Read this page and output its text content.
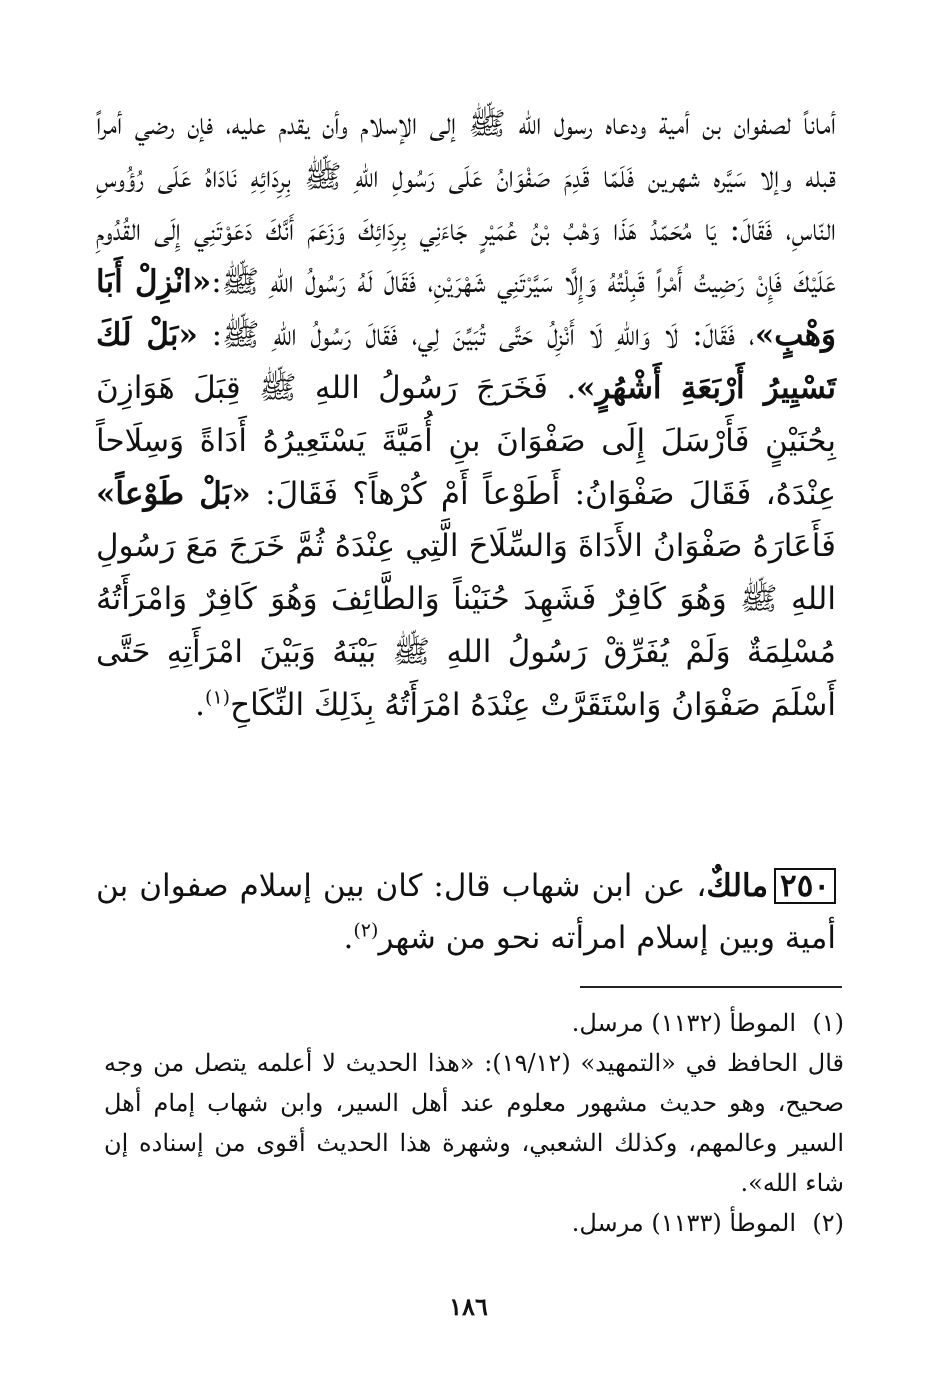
أماناً لصفوان بن أمية ودعاه رسول الله ﷺ إلى الإسلام وأن يقدم عليه، فإن رضي أمراً قبله وإلا سَيَّره شهرين فَلَمّا قَدِمَ صَفْوَانُ عَلَى رَسُولِ اللهِ ﷺ بِرِدَائِهِ نَادَاهُ عَلَى رُؤُوسِ النّاسِ، فَقَالَ: يَا مُحَمّدُ هَذَا وَهْبُ بْنُ عُمَيْرٍ جَاءَنِي بِرِدَائِكَ وَزَعَمَ أَنَّكَ دَعَوْتَنِي إِلَى القُدُومِ عَلَيْكَ فَإِنْ رَضِيتُ أَمْراً قَبِلْتُهُ وَإِلَّا سَيَّرْتَنِي شَهْرَيْنِ، فَقَالَ لَهُ رَسُولُ اللهِ ﷺ:«انْزِلْ أَبَا وَهْبٍ»، فَقَالَ: لَا وَاللهِ لَا أَنْزِلُ حَتَّى تُبَيِّنَ لِي، فَقَالَ رَسُولُ اللهِ ﷺ: «بَلْ لَكَ تَسْيِيرُ أَرْبَعَةِ أَشْهُرٍ». فَخَرَجَ رَسُولُ اللهِ ﷺ قِبَلَ هَوَازِنَ بِحُنَيْنٍ فَأَرْسَلَ إِلَى صَفْوَانَ بنِ أُمَيَّةَ يَسْتَعِيرُهُ أَدَاةً وَسِلَاحاً عِنْدَهُ، فَقَالَ صَفْوَانُ: أَطَوْعاً أَمْ كُرْهاً؟ فَقَالَ: «بَلْ طَوْعاً» فَأَعَارَهُ صَفْوَانُ الأَدَاةَ وَالسِّلَاحَ الَّتِي عِنْدَهُ ثُمَّ خَرَجَ مَعَ رَسُولِ اللهِ ﷺ وَهُوَ كَافِرٌ فَشَهِدَ حُنَيْناً وَالطَّائِفَ وَهُوَ كَافِرٌ وَامْرَأَتُهُ مُسْلِمَةٌ وَلَمْ يُفَرِّقْ رَسُولُ اللهِ ﷺ بَيْنَهُ وَبَيْنَ امْرَأَتِهِ حَتَّى أَسْلَمَ صَفْوَانُ وَاسْتَقَرَّتْ عِنْدَهُ امْرَأَتُهُ بِذَلِكَ النِّكَاحِ$^{(١)}$.

٢٥٠مالكٌ، عن ابن شهاب قال: كان بين إسلام صفوان بن أمية وبين إسلام امرأته نحو من شهر$^{(٢)}$.

(١)

الموطأ (١١٣٢) مرسل.

قال الحافظ في «التمهيد» (١٩/١٢): «هذا الحديث لا أعلمه يتصل من وجه صحيح، وهو حديث مشهور معلوم عند أهل السير، وابن شهاب إمام أهل السير وعالمهم، وكذلك الشعبي، وشهرة هذا الحديث أقوى من إسناده إن شاء الله».

(٢)

الموطأ (١١٣٣) مرسل.

١٨٦
